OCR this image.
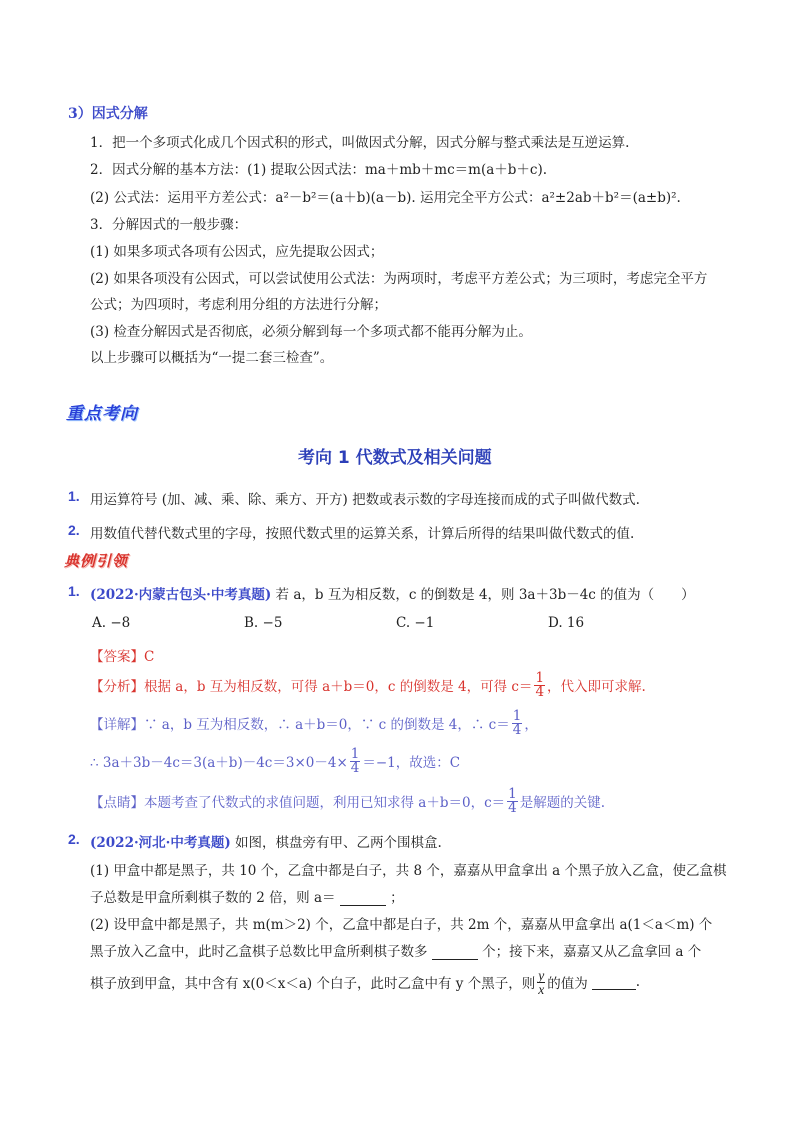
3）因式分解
1．把一个多项式化成几个因式积的形式，叫做因式分解，因式分解与整式乘法是互逆运算.
2．因式分解的基本方法：(1) 提取公因式法：ma＋mb＋mc＝m(a＋b＋c).
(2) 公式法：运用平方差公式：a²－b²＝(a＋b)(a－b). 运用完全平方公式：a²±2ab＋b²＝(a±b)².
3．分解因式的一般步骤：
(1) 如果多项式各项有公因式，应先提取公因式；
(2) 如果各项没有公因式，可以尝试使用公式法：为两项时，考虑平方差公式；为三项时，考虑完全平方
公式；为四项时，考虑利用分组的方法进行分解；
(3) 检查分解因式是否彻底，必须分解到每一个多项式都不能再分解为止。
以上步骤可以概括为“一提二套三检查”。
重点考向
考向 1 代数式及相关问题
1. 用运算符号 (加、减、乘、除、乘方、开方) 把数或表示数的字母连接而成的式子叫做代数式.
2. 用数值代替代数式里的字母，按照代数式里的运算关系，计算后所得的结果叫做代数式的值.
典例引领
1. (2022·内蒙古包头·中考真题) 若 a，b 互为相反数，c 的倒数是 4，则 3a＋3b－4c 的值为（　　）
A. −8	B. −5	C. −1	D. 16
【答案】C
【分析】根据 a，b 互为相反数，可得 a＋b＝0，c 的倒数是 4，可得 $c= \frac{1}{4}$ ，代入即可求解.
【详解】∵ a，b 互为相反数，∴ a＋b＝0，∵ c 的倒数是 4，∴ $c= \frac{1}{4}$ ，
∴ $3a+3b-4c=3(a+b)-4c=3\times 0-4\times \frac{1}{4} =-1$，故选：C
【点睛】本题考查了代数式的求值问题，利用已知求得 a＋b＝0，$c= \frac{1}{4}$ 是解题的关键.
2. (2022·河北·中考真题) 如图，棋盘旁有甲、乙两个围棋盒.
(1) 甲盒中都是黑子，共 10 个，乙盒中都是白子，共 8 个，嘉嘉从甲盒拿出 a 个黑子放入乙盒，使乙盒棋
子总数是甲盒所剩棋子数的 2 倍，则 a＝	；
(2) 设甲盒中都是黑子，共 m(m＞2) 个，乙盒中都是白子，共 2m 个，嘉嘉从甲盒拿出 a(1＜a＜m) 个
黑子放入乙盒中，此时乙盒棋子总数比甲盒所剩棋子数多	个；接下来，嘉嘉又从乙盒拿回 a 个
棋子放到甲盒，其中含有 x(0＜x＜a) 个白子，此时乙盒中有 y 个黑子，则 $\frac{y}{x}$ 的值为	.
